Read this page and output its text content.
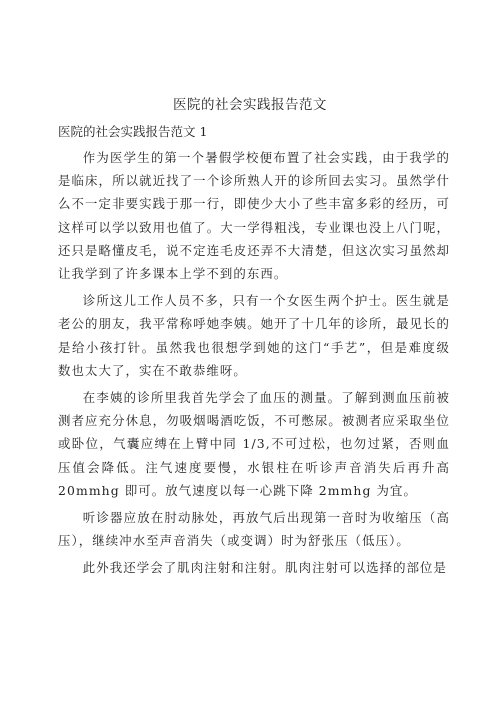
医院的社会实践报告范文
医院的社会实践报告范文 1

作为医学生的第一个暑假学校便布置了社会实践，由于我学的是临床，所以就近找了一个诊所熟人开的诊所回去实习。虽然学什么不一定非要实践于那一行，即使少大小了些丰富多彩的经历，可这样可以学以致用也值了。大一学得粗浅，专业课也没上八门呢，还只是略懂皮毛，说不定连毛皮还弄不大清楚，但这次实习虽然却让我学到了许多课本上学不到的东西。

诊所这儿工作人员不多，只有一个女医生两个护士。医生就是老公的朋友，我平常称呼她李姨。她开了十几年的诊所，最见长的是给小孩打针。虽然我也很想学到她的这门“手艺”，但是难度级数也太大了，实在不敢恭维呀。

在李姨的诊所里我首先学会了血压的测量。了解到测血压前被测者应充分休息，勿吸烟喝酒吃饭，不可憋尿。被测者应采取坐位或卧位，气囊应缚在上臂中同 1/3,不可过松，也勿过紧，否则血压值会降低。注气速度要慢，水银柱在听诊声音消失后再升高 20mmhg 即可。放气速度以每一心跳下降 2mmhg 为宜。

听诊器应放在肘动脉处，再放气后出现第一音时为收缩压（高压），继续冲水至声音消失（或变调）时为舒张压（低压）。

此外我还学会了肌肉注射和注射。肌肉注射可以选择的部位是
